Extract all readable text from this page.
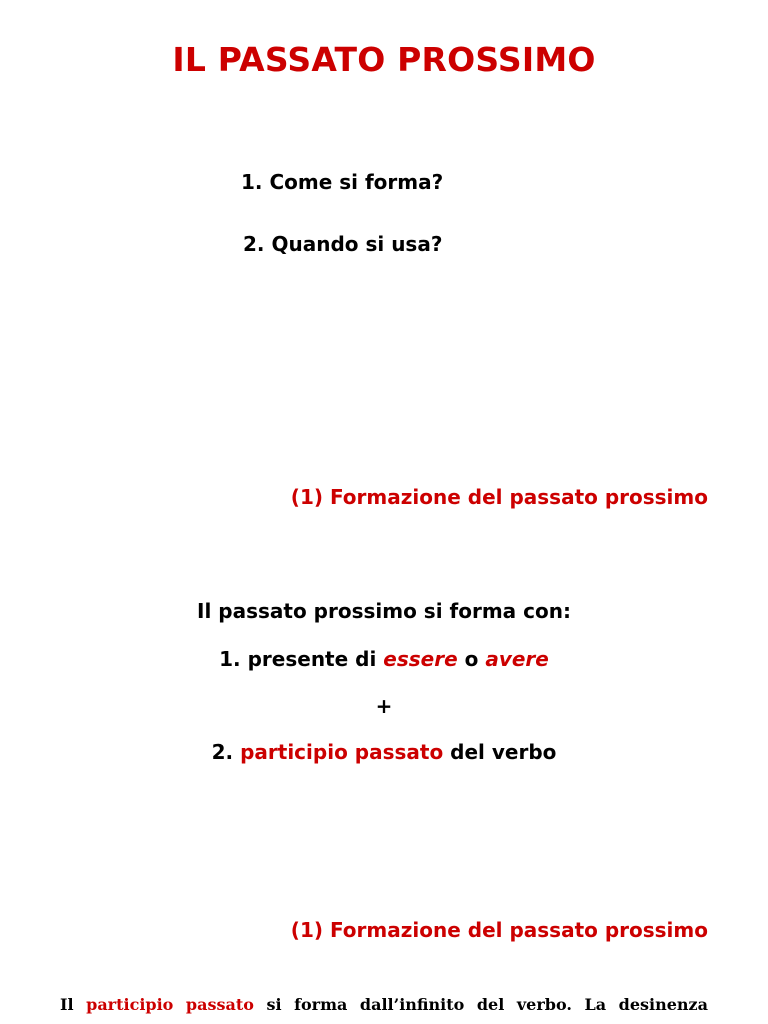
IL PASSATO PROSSIMO
1. Come si forma?
2. Quando si usa?
(1) Formazione del passato prossimo
Il passato prossimo si forma con:
1. presente di essere o avere
+
2. participio passato del verbo
(1) Formazione del passato prossimo
Il participio passato si forma dall’infinito del verbo. La desinenza
